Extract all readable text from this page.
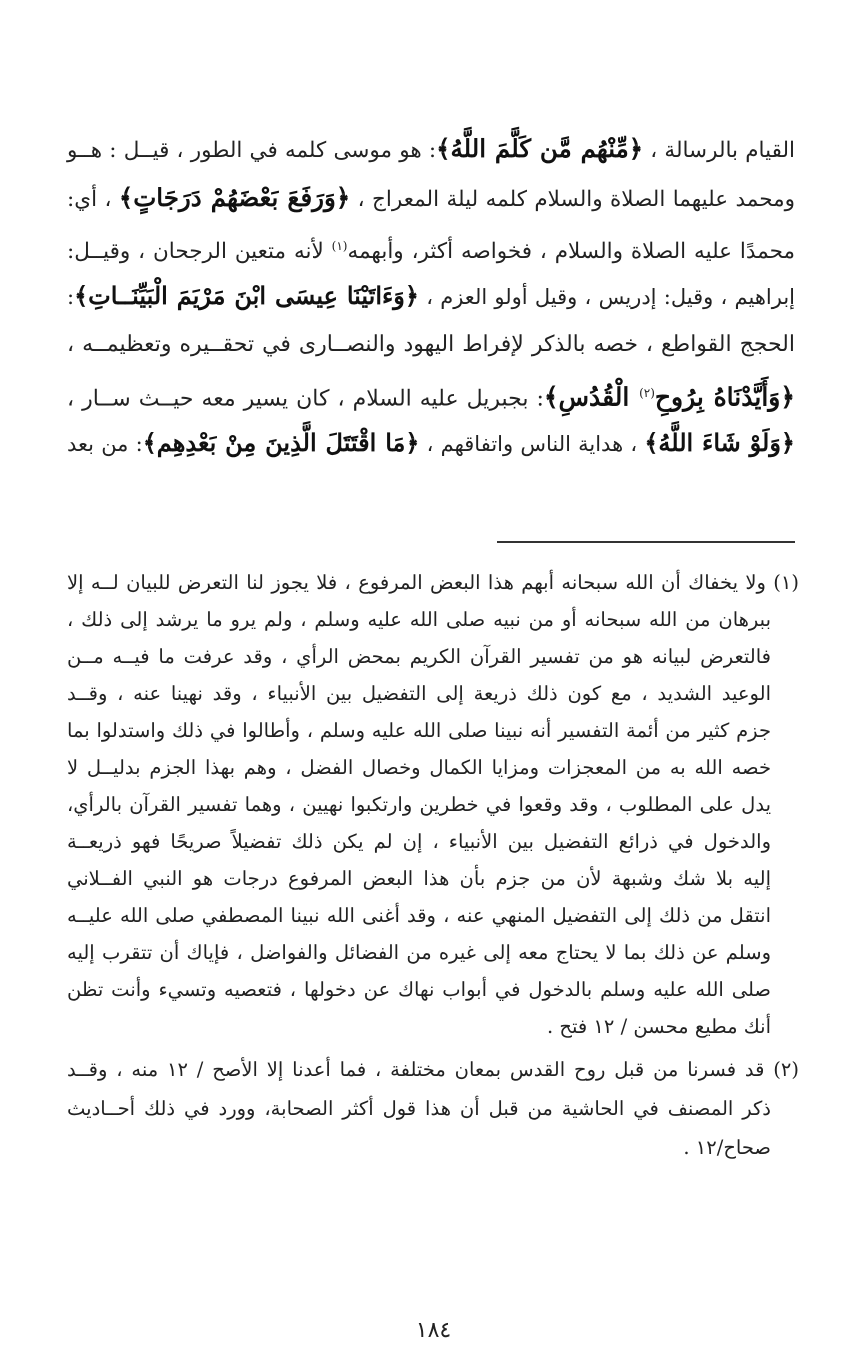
القيام بالرسالة ، ﴿مِّنْهُم مَّن كَلَّمَ اللَّهُ﴾: هو موسى كلمه في الطور ، قيــل : هــو
ومحمد عليهما الصلاة والسلام كلمه ليلة المعراج ، ﴿وَرَفَعَ بَعْضَهُمْ دَرَجَاتٍ﴾ ، أي:
محمدًا عليه الصلاة والسلام ، فخواصه أكثر، وأبهمه$^{(١)}$ لأنه متعين الرجحان ، وقيــل:
إبراهيم ، وقيل: إدريس ، وقيل أولو العزم ، ﴿وَءَاتَيْنَا عِيسَى ابْنَ مَرْيَمَ الْبَيِّنَــاتِ﴾:
الحجج القواطع ، خصه بالذكر لإفراط اليهود والنصــارى في تحقــيره وتعظيمــه ،
﴿وَأَيَّدْنَاهُ بِرُوحِ$^{(٢)}$ الْقُدُسِ﴾: بجبريل عليه السلام ، كان يسير معه حيــث ســار ،
﴿وَلَوْ شَاءَ اللَّهُ﴾ ، هداية الناس واتفاقهم ، ﴿مَا اقْتَتَلَ الَّذِينَ مِنْ بَعْدِهِم﴾: من بعد
(١) ولا يخفاك أن الله سبحانه أبهم هذا البعض المرفوع ، فلا يجوز لنا التعرض للبيان لــه إلا
ببرهان من الله سبحانه أو من نبيه صلى الله عليه وسلم ، ولم يرو ما يرشد إلى ذلك ،
فالتعرض لبيانه هو من تفسير القرآن الكريم بمحض الرأي ، وقد عرفت ما فيــه مــن
الوعيد الشديد ، مع كون ذلك ذريعة إلى التفضيل بين الأنبياء ، وقد نهينا عنه ، وقــد
جزم كثير من أئمة التفسير أنه نبينا صلى الله عليه وسلم ، وأطالوا في ذلك واستدلوا بما
خصه الله به من المعجزات ومزايا الكمال وخصال الفضل ، وهم بهذا الجزم بدليــل لا
يدل على المطلوب ، وقد وقعوا في خطرين وارتكبوا نهيين ، وهما تفسير القرآن بالرأي،
والدخول في ذرائع التفضيل بين الأنبياء ، إن لم يكن ذلك تفضيلاً صريحًا فهو ذريعــة
إليه بلا شك وشبهة لأن من جزم بأن هذا البعض المرفوع درجات هو النبي الفــلاني
انتقل من ذلك إلى التفضيل المنهي عنه ، وقد أغنى الله نبينا المصطفي صلى الله عليــه
وسلم عن ذلك بما لا يحتاج معه إلى غيره من الفضائل والفواضل ، فإياك أن تتقرب إليه
صلى الله عليه وسلم بالدخول في أبواب نهاك عن دخولها ، فتعصيه وتسيء وأنت تظن
أنك مطيع محسن / ١٢ فتح .
(٢) قد فسرنا من قبل روح القدس بمعان مختلفة ، فما أعدنا إلا الأصح / ١٢ منه ، وقــد
ذكر المصنف في الحاشية من قبل أن هذا قول أكثر الصحابة، وورد في ذلك أحــاديث
صحاح/١٢ .
١٨٤
